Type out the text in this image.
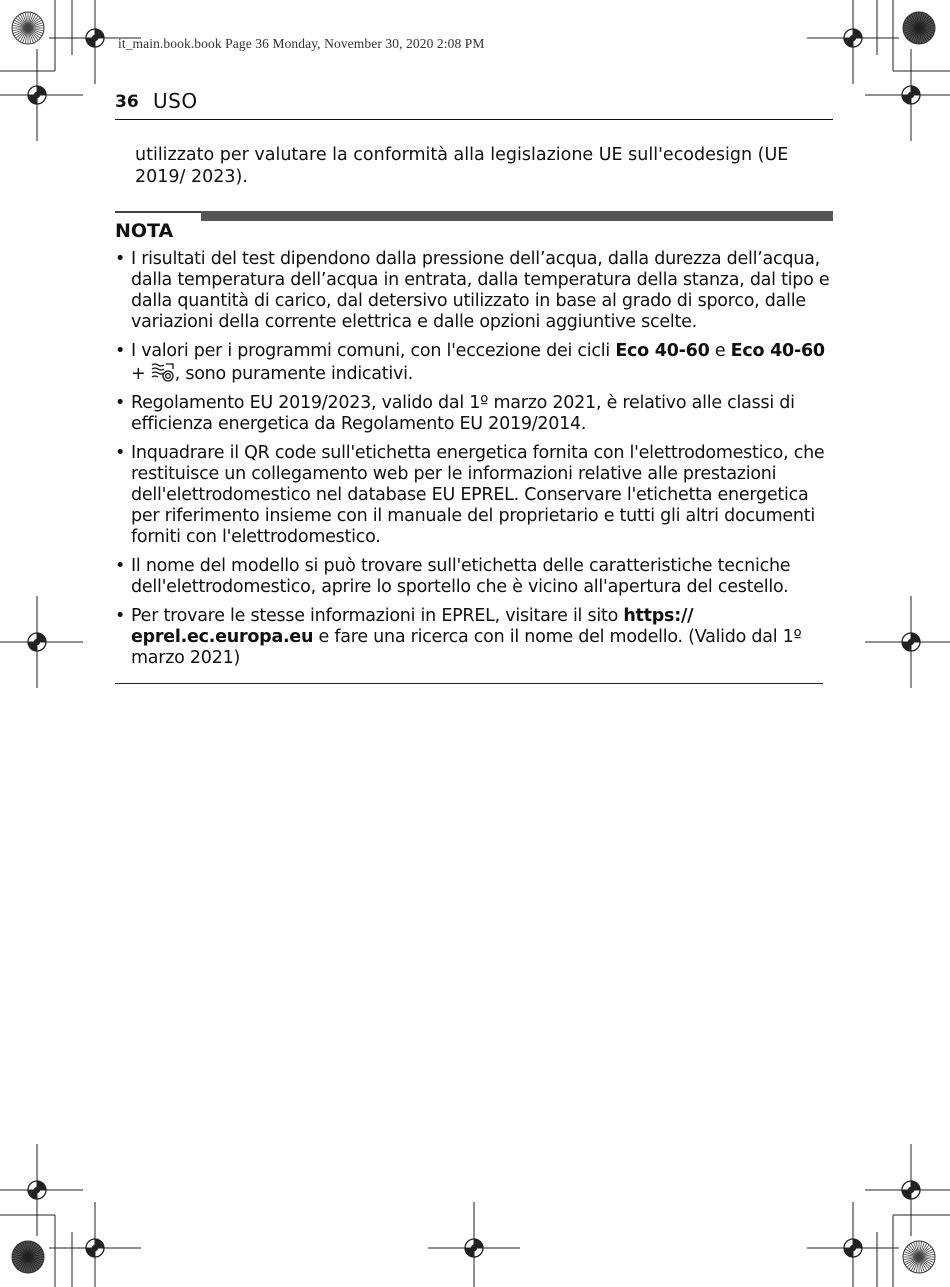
it_main.book.book Page 36 Monday, November 30, 2020 2:08 PM
36 USO

utilizzato per valutare la conformità alla legislazione UE sull'ecodesign (UE 2019/ 2023).

NOTA
• I risultati del test dipendono dalla pressione dell’acqua, dalla durezza dell’acqua, dalla temperatura dell’acqua in entrata, dalla temperatura della stanza, dal tipo e dalla quantità di carico, dal detersivo utilizzato in base al grado di sporco, dalle variazioni della corrente elettrica e dalle opzioni aggiuntive scelte.
• I valori per i programmi comuni, con l'eccezione dei cicli Eco 40-60 e Eco 40-60 + , sono puramente indicativi.
• Regolamento EU 2019/2023, valido dal 1º marzo 2021, è relativo alle classi di efficienza energetica da Regolamento EU 2019/2014.
• Inquadrare il QR code sull'etichetta energetica fornita con l'elettrodomestico, che restituisce un collegamento web per le informazioni relative alle prestazioni dell'elettrodomestico nel database EU EPREL. Conservare l'etichetta energetica per riferimento insieme con il manuale del proprietario e tutti gli altri documenti forniti con l'elettrodomestico.
• Il nome del modello si può trovare sull'etichetta delle caratteristiche tecniche dell'elettrodomestico, aprire lo sportello che è vicino all'apertura del cestello.
• Per trovare le stesse informazioni in EPREL, visitare il sito https:// eprel.ec.europa.eu e fare una ricerca con il nome del modello. (Valido dal 1º marzo 2021)
